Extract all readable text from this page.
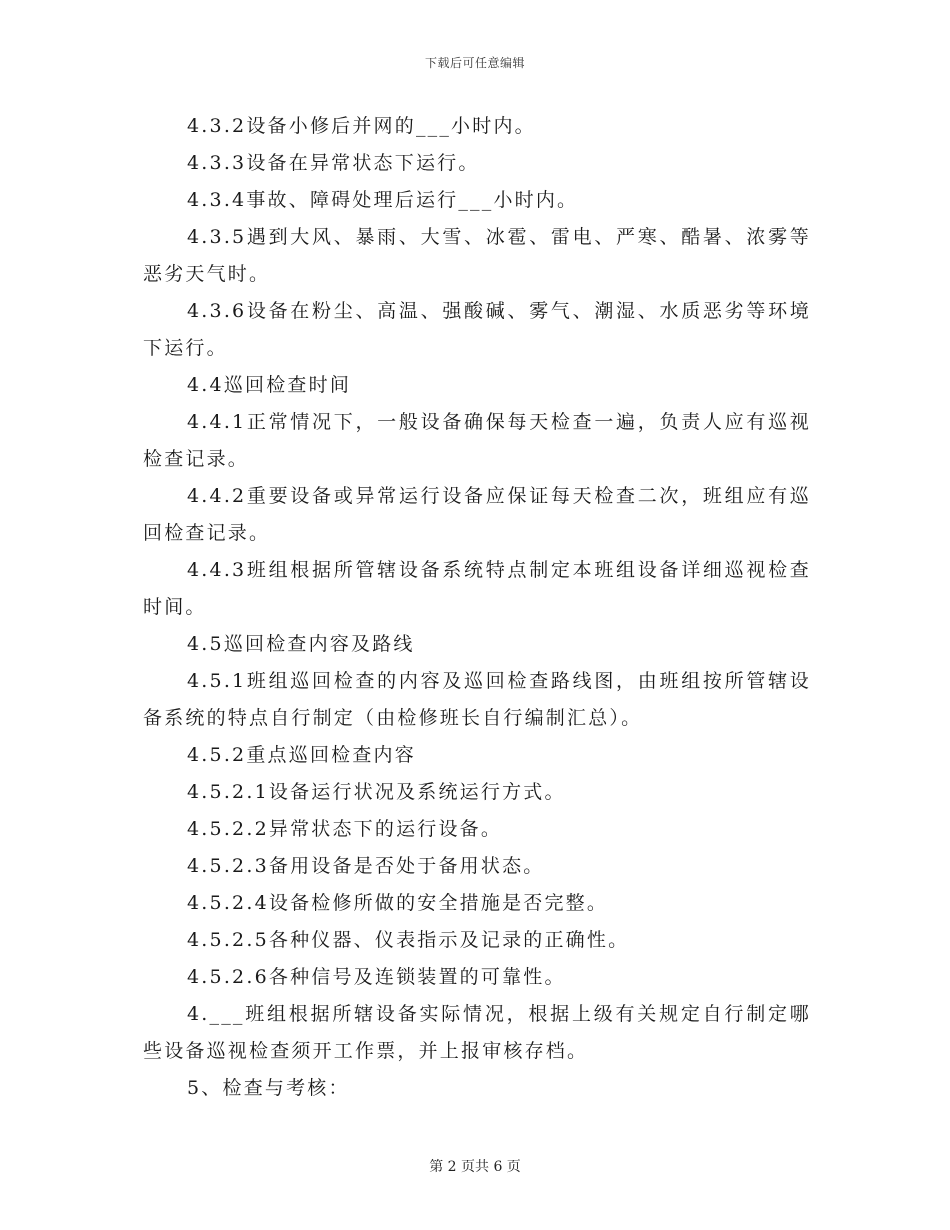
下载后可任意编辑

4.3.2设备小修后并网的___小时内。

4.3.3设备在异常状态下运行。

4.3.4事故、障碍处理后运行___小时内。

4.3.5遇到大风、暴雨、大雪、冰雹、雷电、严寒、酷暑、浓雾等恶劣天气时。

4.3.6设备在粉尘、高温、强酸碱、雾气、潮湿、水质恶劣等环境下运行。

4.4巡回检查时间

4.4.1正常情况下，一般设备确保每天检查一遍，负责人应有巡视检查记录。

4.4.2重要设备或异常运行设备应保证每天检查二次，班组应有巡回检查记录。

4.4.3班组根据所管辖设备系统特点制定本班组设备详细巡视检查时间。

4.5巡回检查内容及路线

4.5.1班组巡回检查的内容及巡回检查路线图，由班组按所管辖设备系统的特点自行制定（由检修班长自行编制汇总）。

4.5.2重点巡回检查内容

4.5.2.1设备运行状况及系统运行方式。

4.5.2.2异常状态下的运行设备。

4.5.2.3备用设备是否处于备用状态。

4.5.2.4设备检修所做的安全措施是否完整。

4.5.2.5各种仪器、仪表指示及记录的正确性。

4.5.2.6各种信号及连锁装置的可靠性。

4.___班组根据所辖设备实际情况，根据上级有关规定自行制定哪些设备巡视检查须开工作票，并上报审核存档。

5、检查与考核：

第 2 页共 6 页
